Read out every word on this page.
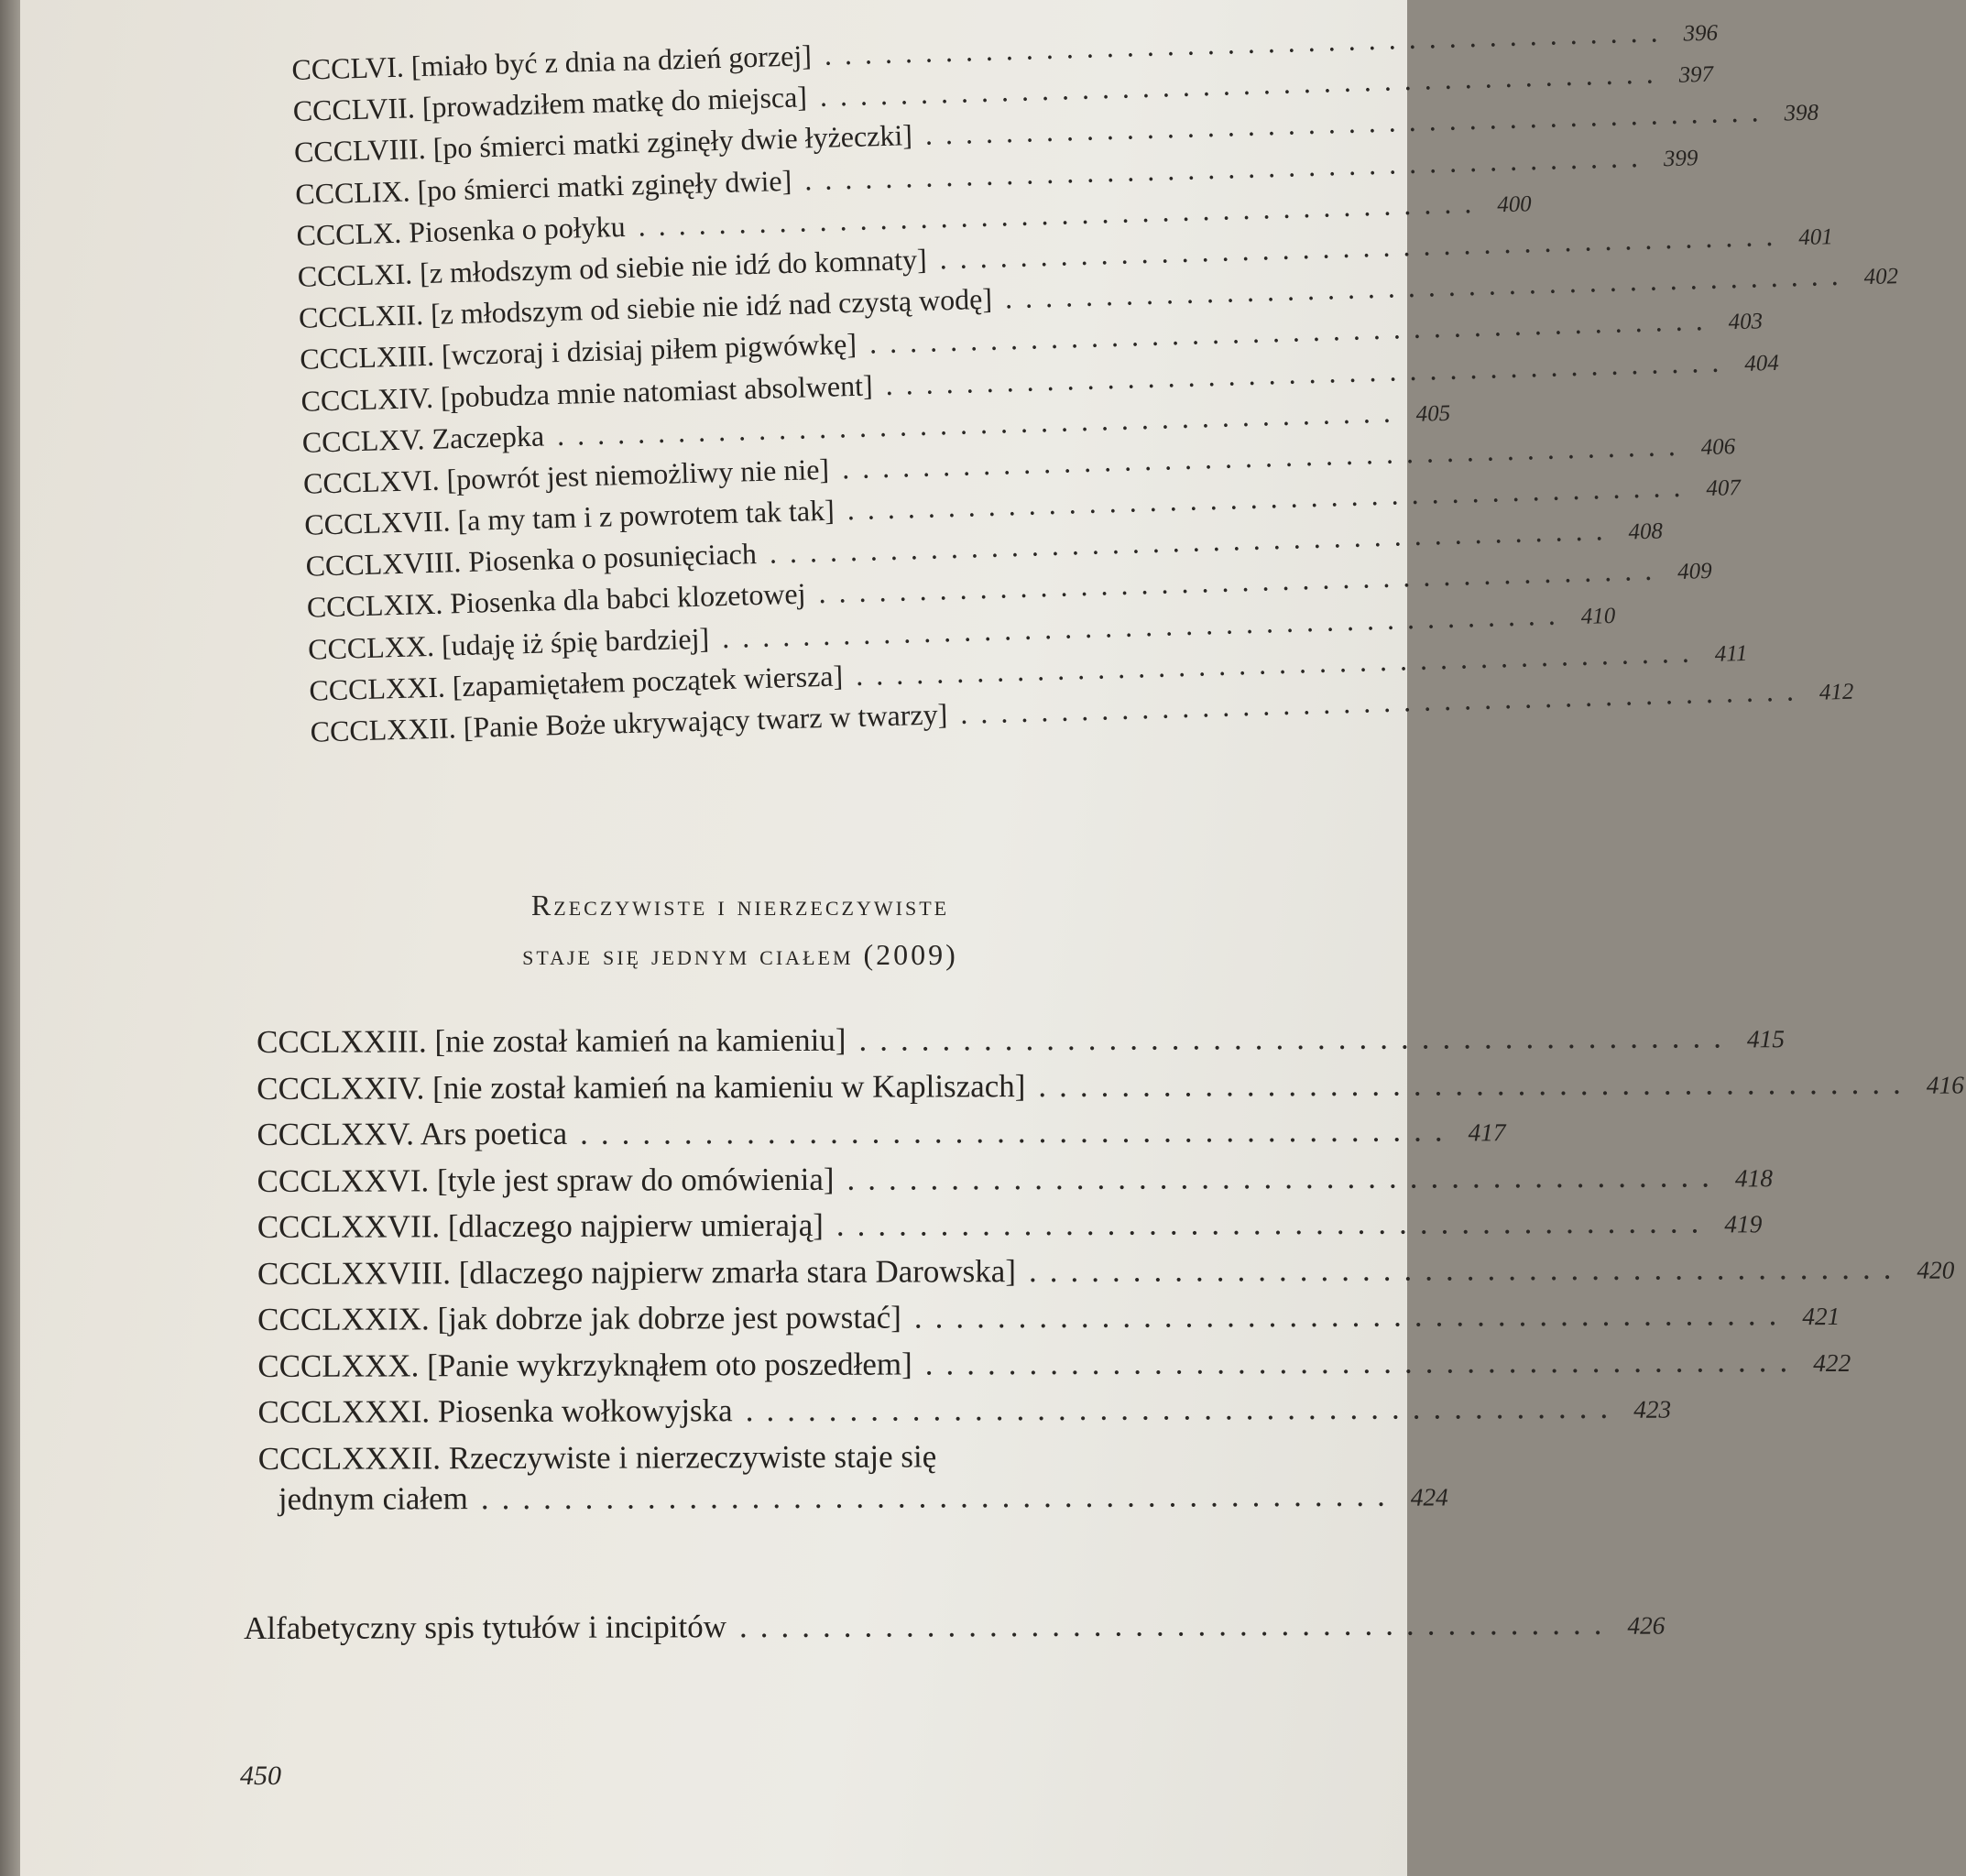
CCCLVI. [miało być z dnia na dzień gorzej] .......................................... 396
CCCLVII. [prowadziłem matkę do miejsca] .......................................... 397
CCCLVIII. [po śmierci matki zginęły dwie łyżeczki] .......................................... 398
CCCLIX. [po śmierci matki zginęły dwie] .......................................... 399
CCCLX. Piosenka o połyku .......................................... 400
CCCLXI. [z młodszym od siebie nie idź do komnaty] .......................................... 401
CCCLXII. [z młodszym od siebie nie idź nad czystą wodę] .......................................... 402
CCCLXIII. [wczoraj i dzisiaj piłem pigwówkę] .......................................... 403
CCCLXIV. [pobudza mnie natomiast absolwent] .......................................... 404
CCCLXV. Zaczepka .......................................... 405
CCCLXVI. [powrót jest niemożliwy nie nie] .......................................... 406
CCCLXVII. [a my tam i z powrotem tak tak] .......................................... 407
CCCLXVIII. Piosenka o posunięciach .......................................... 408
CCCLXIX. Piosenka dla babci klozetowej .......................................... 409
CCCLXX. [udaję iż śpię bardziej] .......................................... 410
CCCLXXI. [zapamiętałem początek wiersza] .......................................... 411
CCCLXXII. [Panie Boże ukrywający twarz w twarzy] .......................................... 412
Rzeczywiste i nierzeczywiste
staje się jednym ciałem (2009)
CCCLXXIII. [nie został kamień na kamieniu] .......................................... 415
CCCLXXIV. [nie został kamień na kamieniu w Kapliszach] .......................................... 416
CCCLXXV. Ars poetica .......................................... 417
CCCLXXVI. [tyle jest spraw do omówienia] .......................................... 418
CCCLXXVII. [dlaczego najpierw umierają] .......................................... 419
CCCLXXVIII. [dlaczego najpierw zmarła stara Darowska] .......................................... 420
CCCLXXIX. [jak dobrze jak dobrze jest powstać] .......................................... 421
CCCLXXX. [Panie wykrzyknąłem oto poszedłem] .......................................... 422
CCCLXXXI. Piosenka wołkowyjska .......................................... 423
CCCLXXXII. Rzeczywiste i nierzeczywiste staje się
jednym ciałem ............................................ 424
Alfabetyczny spis tytułów i incipitów .......................................... 426
450
